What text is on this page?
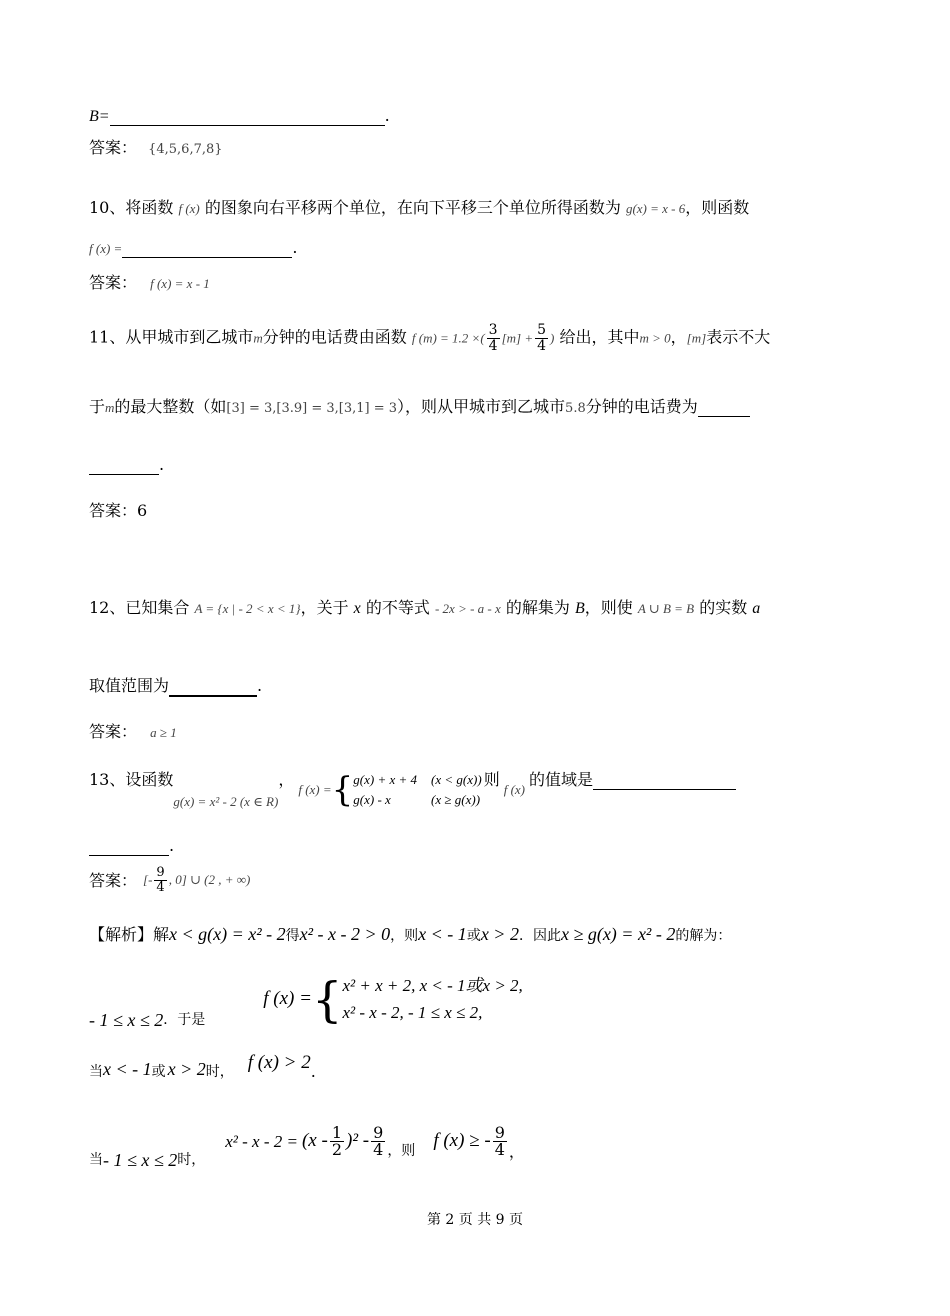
B=	.
答案： {4,5,6,7,8}
10、将函数 f (x) 的图象向右平移两个单位，在向下平移三个单位所得函数为 g(x) = x - 6，则函数
f (x) =	.
答案： f (x) = x - 1
11、从甲城市到乙城市m分钟的电话费由函数 f (m) = 1.2 ×( $\frac{3}{4} [m] + \frac{5}{4}$ ) 给出，其中m > 0，[m]表示不大
于m的最大整数（如[3] = 3,[3.9] = 3,[3,1] = 3），则从甲城市到乙城市5.8分钟的电话费为
.
答案：6
12、已知集合 A = {x | - 2 < x < 1}，关于 x 的不等式 - 2x > - a - x 的解集为 B，则使 A ∪ B = B 的实数 a
取值范围为	.
答案： a ≥ 1
13、设函数
g(x) = x² - 2 (x ∈ R)
，
f (x) = { g(x) + x + 4 (x < g(x))
g(x) - x	(x ≥ g(x))
则
f (x)
的值域是

.
答案： [- $\frac{9}{4}$ , 0] ∪ (2 , + ∞)
【解析】解x < g(x) = x² - 2得x² - x - 2 > 0，则x < - 1或x > 2．因此x ≥ g(x) = x² - 2的解为：
- 1 ≤ x ≤ 2 ．于是
f (x) = { x² + x + 2, x < - 1或x > 2,
x² - x - 2, - 1 ≤ x ≤ 2,
当 x < - 1 或 x > 2 时， f (x) > 2 .
当 - 1 ≤ x ≤ 2 时，
$x^2 - x - 2 = (x - \frac{1}{2} )^2 - \frac{9}{4}$ ，则 f (x) ≥ - $\frac{9}{4}$ ，
第 2 页 共 9 页
